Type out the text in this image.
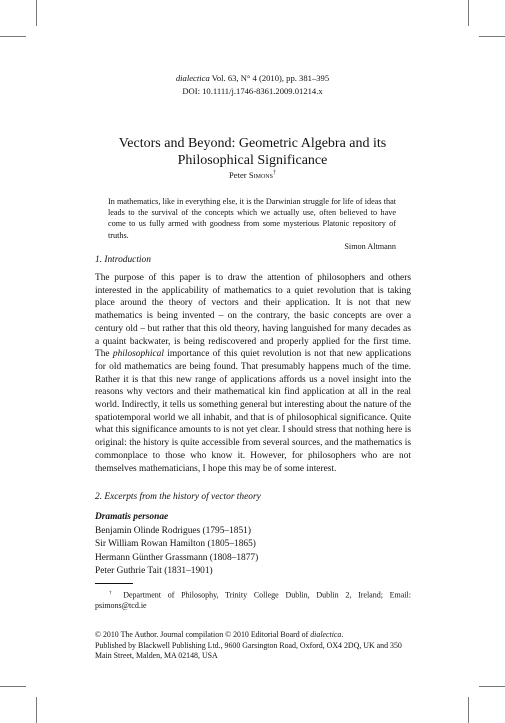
dialectica Vol. 63, N° 4 (2010), pp. 381–395
DOI: 10.1111/j.1746-8361.2009.01214.x
Vectors and Beyond: Geometric Algebra and its
Philosophical Significance
Peter Simons†
In mathematics, like in everything else, it is the Darwinian struggle for life of ideas that leads to the survival of the concepts which we actually use, often believed to have come to us fully armed with goodness from some mysterious Platonic repository of truths.
Simon Altmann
1. Introduction
The purpose of this paper is to draw the attention of philosophers and others interested in the applicability of mathematics to a quiet revolution that is taking place around the theory of vectors and their application. It is not that new mathematics is being invented – on the contrary, the basic concepts are over a century old – but rather that this old theory, having languished for many decades as a quaint backwater, is being rediscovered and properly applied for the first time. The philosophical importance of this quiet revolution is not that new applications for old mathematics are being found. That presumably happens much of the time. Rather it is that this new range of applications affords us a novel insight into the reasons why vectors and their mathematical kin find application at all in the real world. Indirectly, it tells us something general but interesting about the nature of the spatiotemporal world we all inhabit, and that is of philosophical significance. Quite what this significance amounts to is not yet clear. I should stress that nothing here is original: the history is quite accessible from several sources, and the mathematics is commonplace to those who know it. However, for philosophers who are not themselves mathematicians, I hope this may be of some interest.
2. Excerpts from the history of vector theory
Dramatis personae
Benjamin Olinde Rodrigues (1795–1851)
Sir William Rowan Hamilton (1805–1865)
Hermann Günther Grassmann (1808–1877)
Peter Guthrie Tait (1831–1901)
† Department of Philosophy, Trinity College Dublin, Dublin 2, Ireland; Email: psimons@tcd.ie
© 2010 The Author. Journal compilation © 2010 Editorial Board of dialectica.
Published by Blackwell Publishing Ltd., 9600 Garsington Road, Oxford, OX4 2DQ, UK and 350 Main Street, Malden, MA 02148, USA
